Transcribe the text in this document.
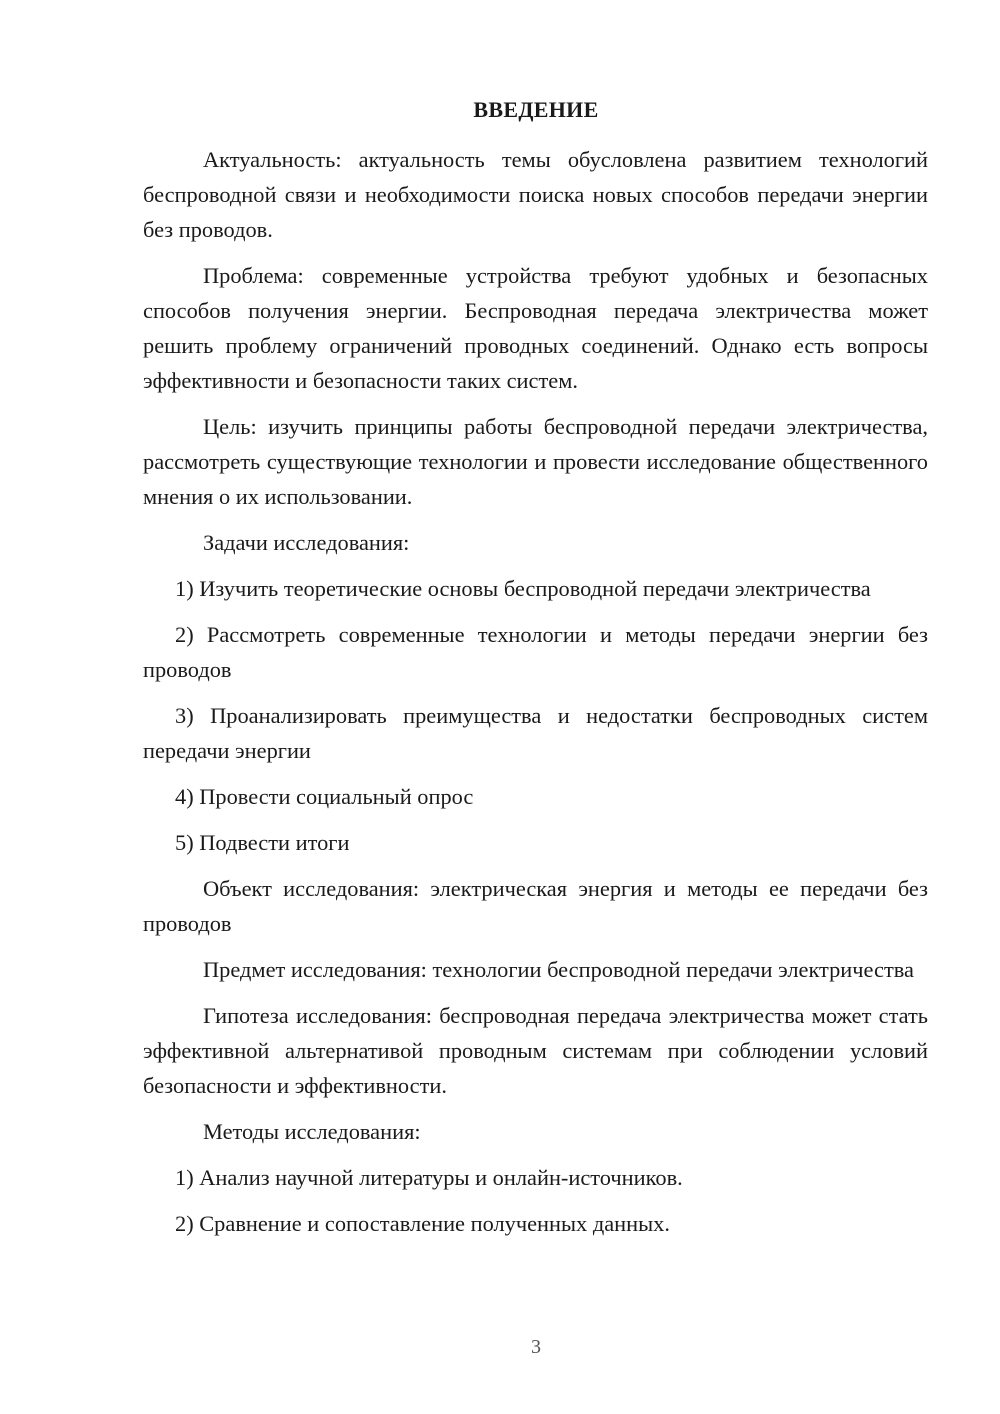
ВВЕДЕНИЕ

Актуальность: актуальность темы обусловлена развитием технологий беспроводной связи и необходимости поиска новых способов передачи энергии без проводов.

Проблема: современные устройства требуют удобных и безопасных способов получения энергии. Беспроводная передача электричества может решить проблему ограничений проводных соединений. Однако есть вопросы эффективности и безопасности таких систем.

Цель: изучить принципы работы беспроводной передачи электричества, рассмотреть существующие технологии и провести исследование общественного мнения о их использовании.

Задачи исследования:

1) Изучить теоретические основы беспроводной передачи электричества

2) Рассмотреть современные технологии и методы передачи энергии без проводов

3) Проанализировать преимущества и недостатки беспроводных систем передачи энергии

4) Провести социальный опрос

5) Подвести итоги

Объект исследования: электрическая энергия и методы ее передачи без проводов

Предмет исследования: технологии беспроводной передачи электричества

Гипотеза исследования: беспроводная передача электричества может стать эффективной альтернативой проводным системам при соблюдении условий безопасности и эффективности.

Методы исследования:

1) Анализ научной литературы и онлайн-источников.

2) Сравнение и сопоставление полученных данных.

3
